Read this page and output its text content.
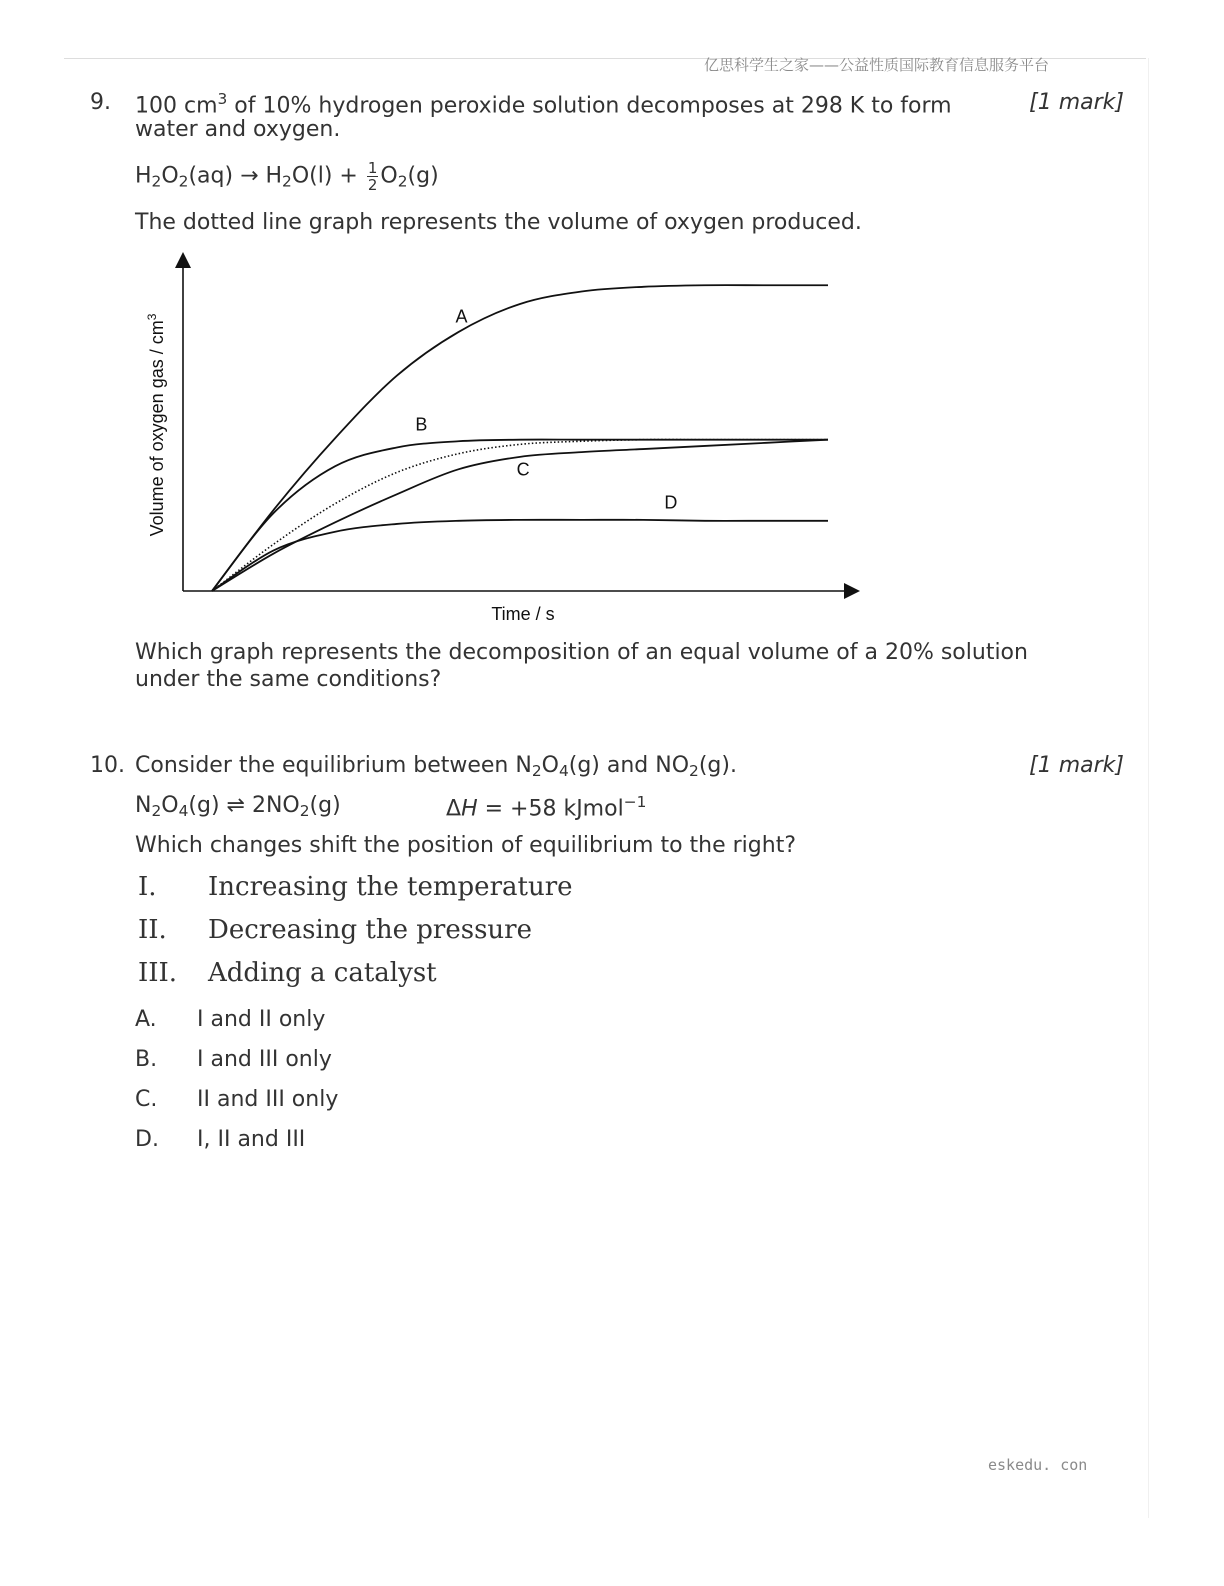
亿思科学生之家——公益性质国际教育信息服务平台
9. 100 $cm^3$ of 10% hydrogen peroxide solution decomposes at 298 K to form	[1 mark]
water and oxygen.
$H_2O_2(aq) \to H_2O(l) + \frac{1}{2} O_2(g)$
The dotted line graph represents the volume of oxygen produced.
A
B
C
D
Time / s
Volume of oxygen gas / $cm^3$
Which graph represents the decomposition of an equal volume of a 20% solution
under the same conditions?
10. Consider the equilibrium between $N_2O_4(g)$ and $NO_2(g)$.	[1 mark]
$N_2O_4(g)$ ⇌ $2NO_2(g)$	ΔH = +58 kJmol$^{-1}$
Which changes shift the position of equilibrium to the right?
I. Increasing the temperature
II. Decreasing the pressure
III. Adding a catalyst
A. I and II only
B. I and III only
C. II and III only
D. I, II and III
eskedu. con
